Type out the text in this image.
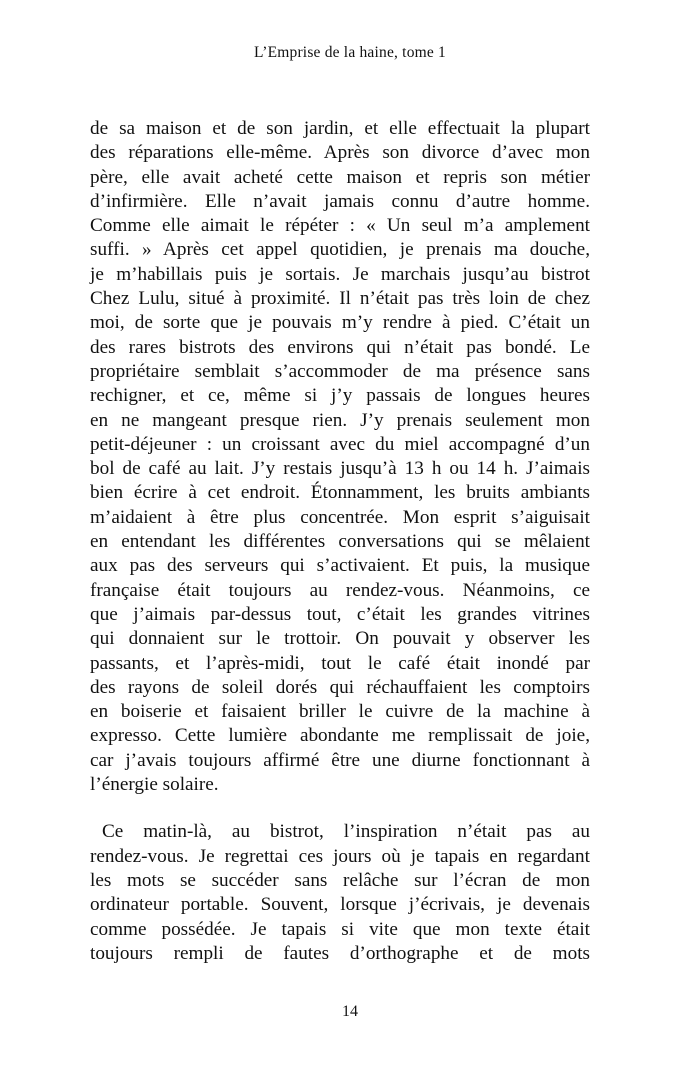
L’Emprise de la haine, tome 1

de sa maison et de son jardin, et elle effectuait la plupart
des réparations elle-même. Après son divorce d’avec mon
père, elle avait acheté cette maison et repris son métier
d’infirmière. Elle n’avait jamais connu d’autre homme.
Comme elle aimait le répéter : « Un seul m’a amplement
suffi. » Après cet appel quotidien, je prenais ma douche,
je m’habillais puis je sortais. Je marchais jusqu’au bistrot
Chez Lulu, situé à proximité. Il n’était pas très loin de chez
moi, de sorte que je pouvais m’y rendre à pied. C’était un
des rares bistrots des environs qui n’était pas bondé. Le
propriétaire semblait s’accommoder de ma présence sans
rechigner, et ce, même si j’y passais de longues heures
en ne mangeant presque rien. J’y prenais seulement mon
petit-déjeuner : un croissant avec du miel accompagné d’un
bol de café au lait. J’y restais jusqu’à 13 h ou 14 h. J’aimais
bien écrire à cet endroit. Étonnamment, les bruits ambiants
m’aidaient à être plus concentrée. Mon esprit s’aiguisait
en entendant les différentes conversations qui se mêlaient
aux pas des serveurs qui s’activaient. Et puis, la musique
française était toujours au rendez-vous. Néanmoins, ce
que j’aimais par-dessus tout, c’était les grandes vitrines
qui donnaient sur le trottoir. On pouvait y observer les
passants, et l’après-midi, tout le café était inondé par
des rayons de soleil dorés qui réchauffaient les comptoirs
en boiserie et faisaient briller le cuivre de la machine à
expresso. Cette lumière abondante me remplissait de joie,
car j’avais toujours affirmé être une diurne fonctionnant à
l’énergie solaire.

Ce matin-là, au bistrot, l’inspiration n’était pas au
rendez-vous. Je regrettai ces jours où je tapais en regardant
les mots se succéder sans relâche sur l’écran de mon
ordinateur portable. Souvent, lorsque j’écrivais, je devenais
comme possédée. Je tapais si vite que mon texte était
toujours rempli de fautes d’orthographe et de mots

14
